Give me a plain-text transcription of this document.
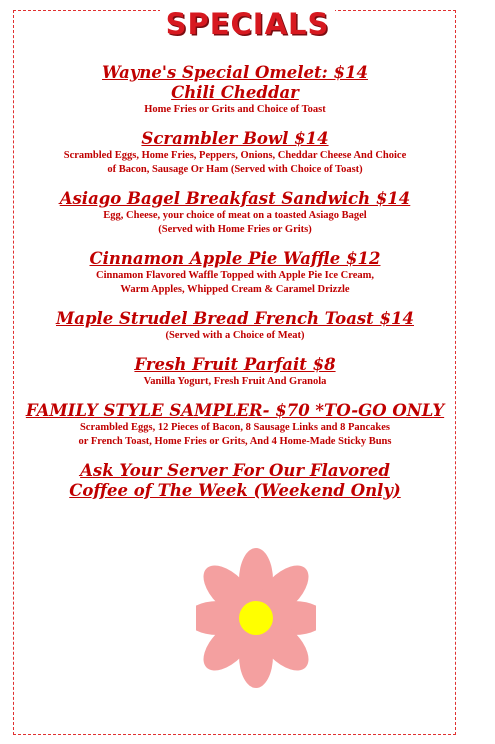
SPECIALS
Wayne's Special Omelet: $14
Chili Cheddar
Home Fries or Grits and Choice of Toast
Scrambler Bowl $14
Scrambled Eggs, Home Fries, Peppers, Onions, Cheddar Cheese And Choice
of Bacon, Sausage Or Ham (Served with Choice of Toast)
Asiago Bagel Breakfast Sandwich $14
Egg, Cheese, your choice of meat on a toasted Asiago Bagel
(Served with Home Fries or Grits)
Cinnamon Apple Pie Waffle $12
Cinnamon Flavored Waffle Topped with Apple Pie Ice Cream,
Warm Apples, Whipped Cream & Caramel Drizzle
Maple Strudel Bread French Toast $14
(Served with a Choice of Meat)
Fresh Fruit Parfait $8
Vanilla Yogurt, Fresh Fruit And Granola
FAMILY STYLE SAMPLER- $70 *TO-GO ONLY
Scrambled Eggs, 12 Pieces of Bacon, 8 Sausage Links and 8 Pancakes
or French Toast, Home Fries or Grits, And 4 Home-Made Sticky Buns
Ask Your Server For Our Flavored
Coffee of The Week (Weekend Only)
